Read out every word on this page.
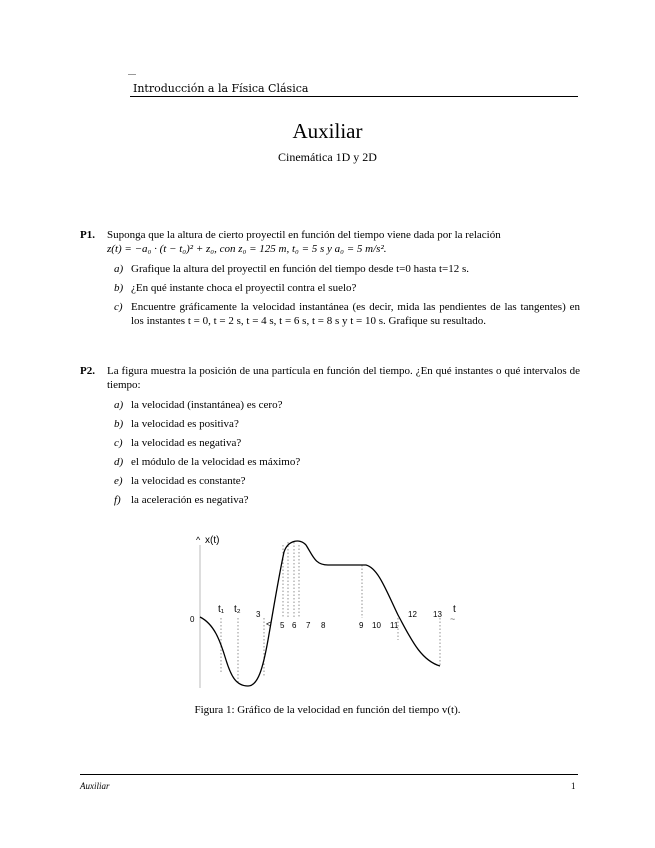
Introducción a la Física Clásica
Auxiliar
Cinemática 1D y 2D
P1. Suponga que la altura de cierto proyectil en función del tiempo viene dada por la relación
z(t) = −a₀ · (t − t₀)² + z₀, con z₀ = 125 m, t₀ = 5 s y a₀ = 5 m/s².
a) Grafique la altura del proyectil en función del tiempo desde t=0 hasta t=12 s.
b) ¿En qué instante choca el proyectil contra el suelo?
c) Encuentre gráficamente la velocidad instantánea (es decir, mida las pendientes de las tangentes) en los instantes t = 0, t = 2 s, t = 4 s, t = 6 s, t = 8 s y t = 10 s. Grafique su resultado.
P2. La figura muestra la posición de una partícula en función del tiempo. ¿En qué instantes o qué intervalos de tiempo:
a) la velocidad (instantánea) es cero?
b) la velocidad es positiva?
c) la velocidad es negativa?
d) el módulo de la velocidad es máximo?
e) la velocidad es constante?
f) la aceleración es negativa?
^ x(t)
0
t₁ t₂
<
3
5 6 7 8	9 10 11
12 13 t
~
Figura 1: Gráfico de la velocidad en función del tiempo v(t).
Auxiliar	1
